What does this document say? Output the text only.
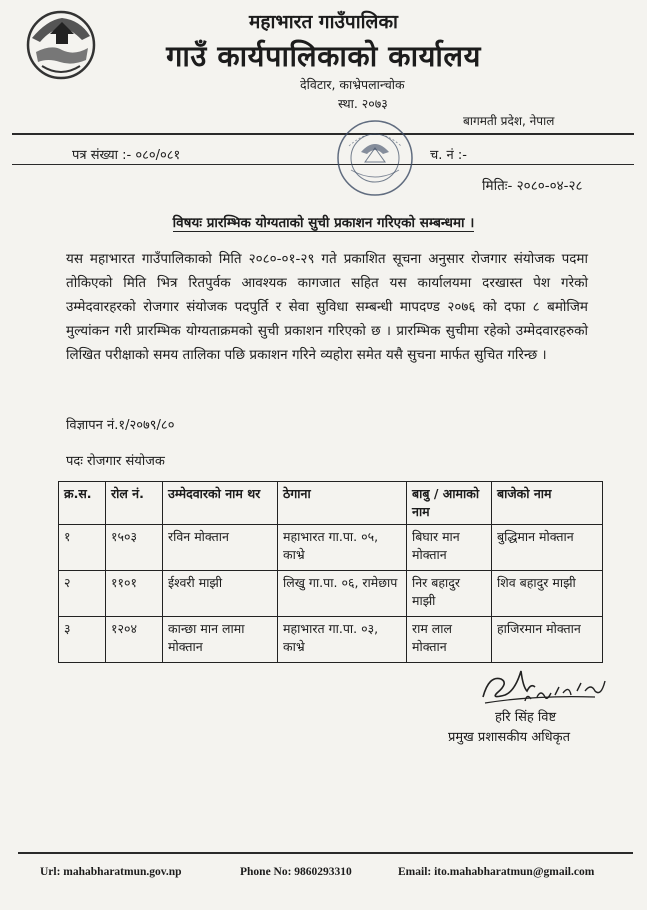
महाभारत गाउँपालिका
गाउँ कार्यपालिकाको कार्यालय
देविटार, काभ्रेपलान्चोक
स्था. २०७३
बागमती प्रदेश, नेपाल
पत्र संख्या :- ०८०/०८१	च. नं :-
मितिः- २०८०-०४-२८
विषयः प्रारम्भिक योग्यताको सुची प्रकाशन गरिएको सम्बन्धमा ।
यस महाभारत गाउँपालिकाको मिति २०८०-०१-२९ गते प्रकाशित सूचना अनुसार रोजगार संयोजक पदमा तोकिएको मिति भित्र रितपुर्वक आवश्यक कागजात सहित यस कार्यालयमा दरखास्त पेश गरेको उम्मेदवारहरको रोजगार संयोजक पदपुर्ति र सेवा सुविधा सम्बन्धी मापदण्ड २०७६ को दफा ८ बमोजिम मुल्यांकन गरी प्रारम्भिक योग्यताक्रमको सुची प्रकाशन गरिएको छ । प्रारम्भिक सुचीमा रहेको उम्मेदवारहरुको लिखित परीक्षाको समय तालिका पछि प्रकाशन गरिने व्यहोरा समेत यसै सुचना मार्फत सुचित गरिन्छ ।
विज्ञापन नं.१/२०७९/८०
पदः रोजगार संयोजक
क्र.स.	रोल नं.	उम्मेदवारको नाम थर	ठेगाना	बाबु / आमाको नाम	बाजेको नाम
१	१५०३	रविन मोक्तान	महाभारत गा.पा. ०५, काभ्रे	बिघार मान मोक्तान	बुद्धिमान मोक्तान
२	११०१	ईश्वरी माझी	लिखु गा.पा. ०६, रामेछाप	निर बहादुर माझी	शिव बहादुर माझी
३	१२०४	कान्छा मान लामा मोक्तान	महाभारत गा.पा. ०३, काभ्रे	राम लाल मोक्तान	हाजिरमान मोक्तान
हरि सिंह विष्ट
प्रमुख प्रशासकीय अधिकृत
Url: mahabharatmun.gov.np	Phone No: 9860293310	Email: ito.mahabharatmun@gmail.com
